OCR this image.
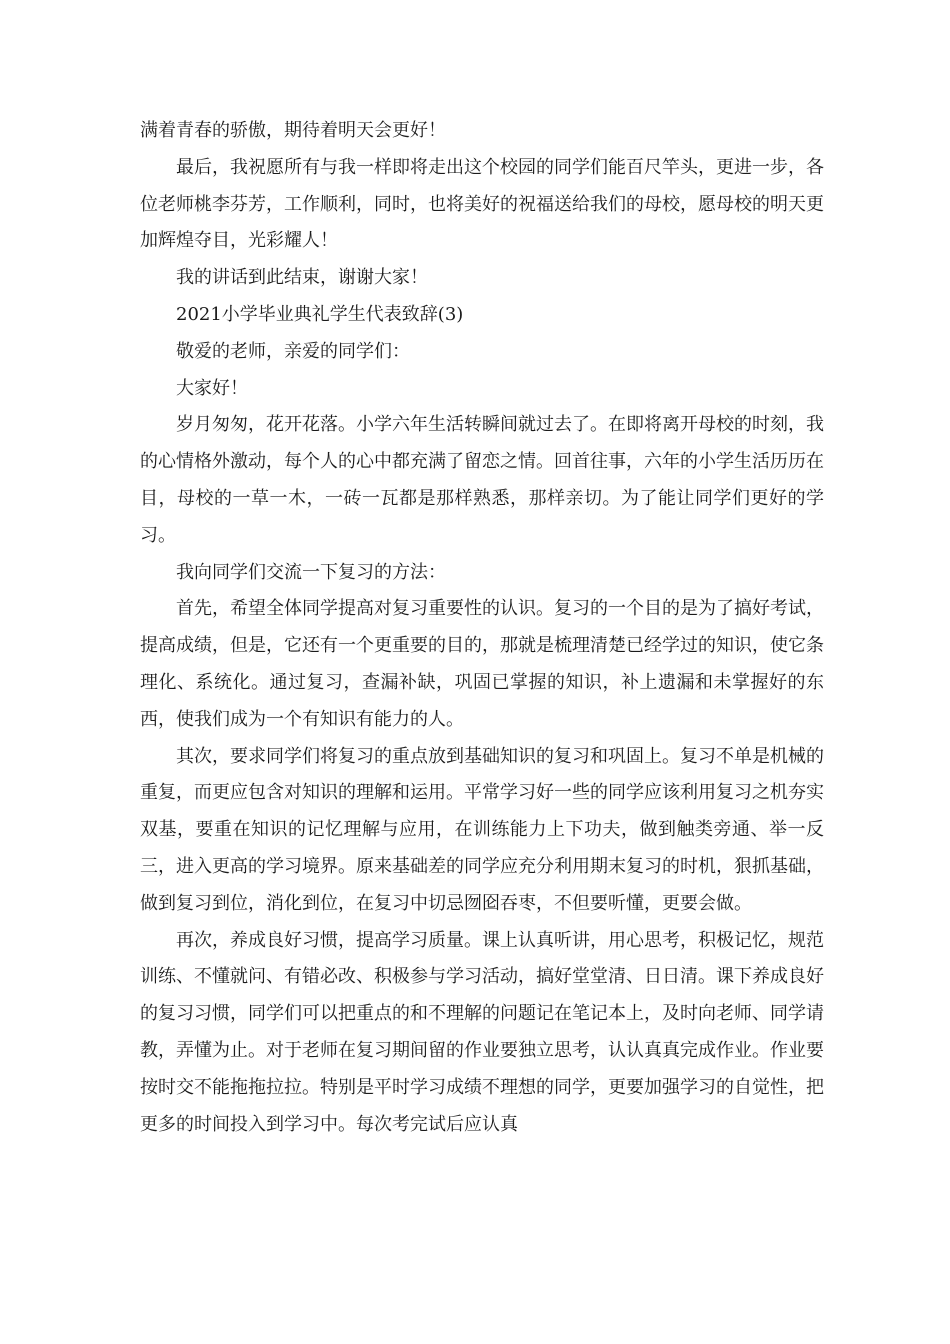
满着青春的骄傲，期待着明天会更好！

最后，我祝愿所有与我一样即将走出这个校园的同学们能百尺竿头，更进一步，各位老师桃李芬芳，工作顺利，同时，也将美好的祝福送给我们的母校，愿母校的明天更加辉煌夺目，光彩耀人！

我的讲话到此结束，谢谢大家！

2021小学毕业典礼学生代表致辞(3)

敬爱的老师，亲爱的同学们：

大家好！

岁月匆匆，花开花落。小学六年生活转瞬间就过去了。在即将离开母校的时刻，我的心情格外激动，每个人的心中都充满了留恋之情。回首往事，六年的小学生活历历在目，母校的一草一木，一砖一瓦都是那样熟悉，那样亲切。为了能让同学们更好的学习。

我向同学们交流一下复习的方法：

首先，希望全体同学提高对复习重要性的认识。复习的一个目的是为了搞好考试，提高成绩，但是，它还有一个更重要的目的，那就是梳理清楚已经学过的知识，使它条理化、系统化。通过复习，查漏补缺，巩固已掌握的知识，补上遗漏和未掌握好的东西，使我们成为一个有知识有能力的人。

其次，要求同学们将复习的重点放到基础知识的复习和巩固上。复习不单是机械的重复，而更应包含对知识的理解和运用。平常学习好一些的同学应该利用复习之机夯实双基，要重在知识的记忆理解与应用，在训练能力上下功夫，做到触类旁通、举一反三，进入更高的学习境界。原来基础差的同学应充分利用期末复习的时机，狠抓基础，做到复习到位，消化到位，在复习中切忌囫囵吞枣，不但要听懂，更要会做。

再次，养成良好习惯，提高学习质量。课上认真听讲，用心思考，积极记忆，规范训练、不懂就问、有错必改、积极参与学习活动，搞好堂堂清、日日清。课下养成良好的复习习惯，同学们可以把重点的和不理解的问题记在笔记本上，及时向老师、同学请教，弄懂为止。对于老师在复习期间留的作业要独立思考，认认真真完成作业。作业要按时交不能拖拖拉拉。特别是平时学习成绩不理想的同学，更要加强学习的自觉性，把更多的时间投入到学习中。每次考完试后应认真
